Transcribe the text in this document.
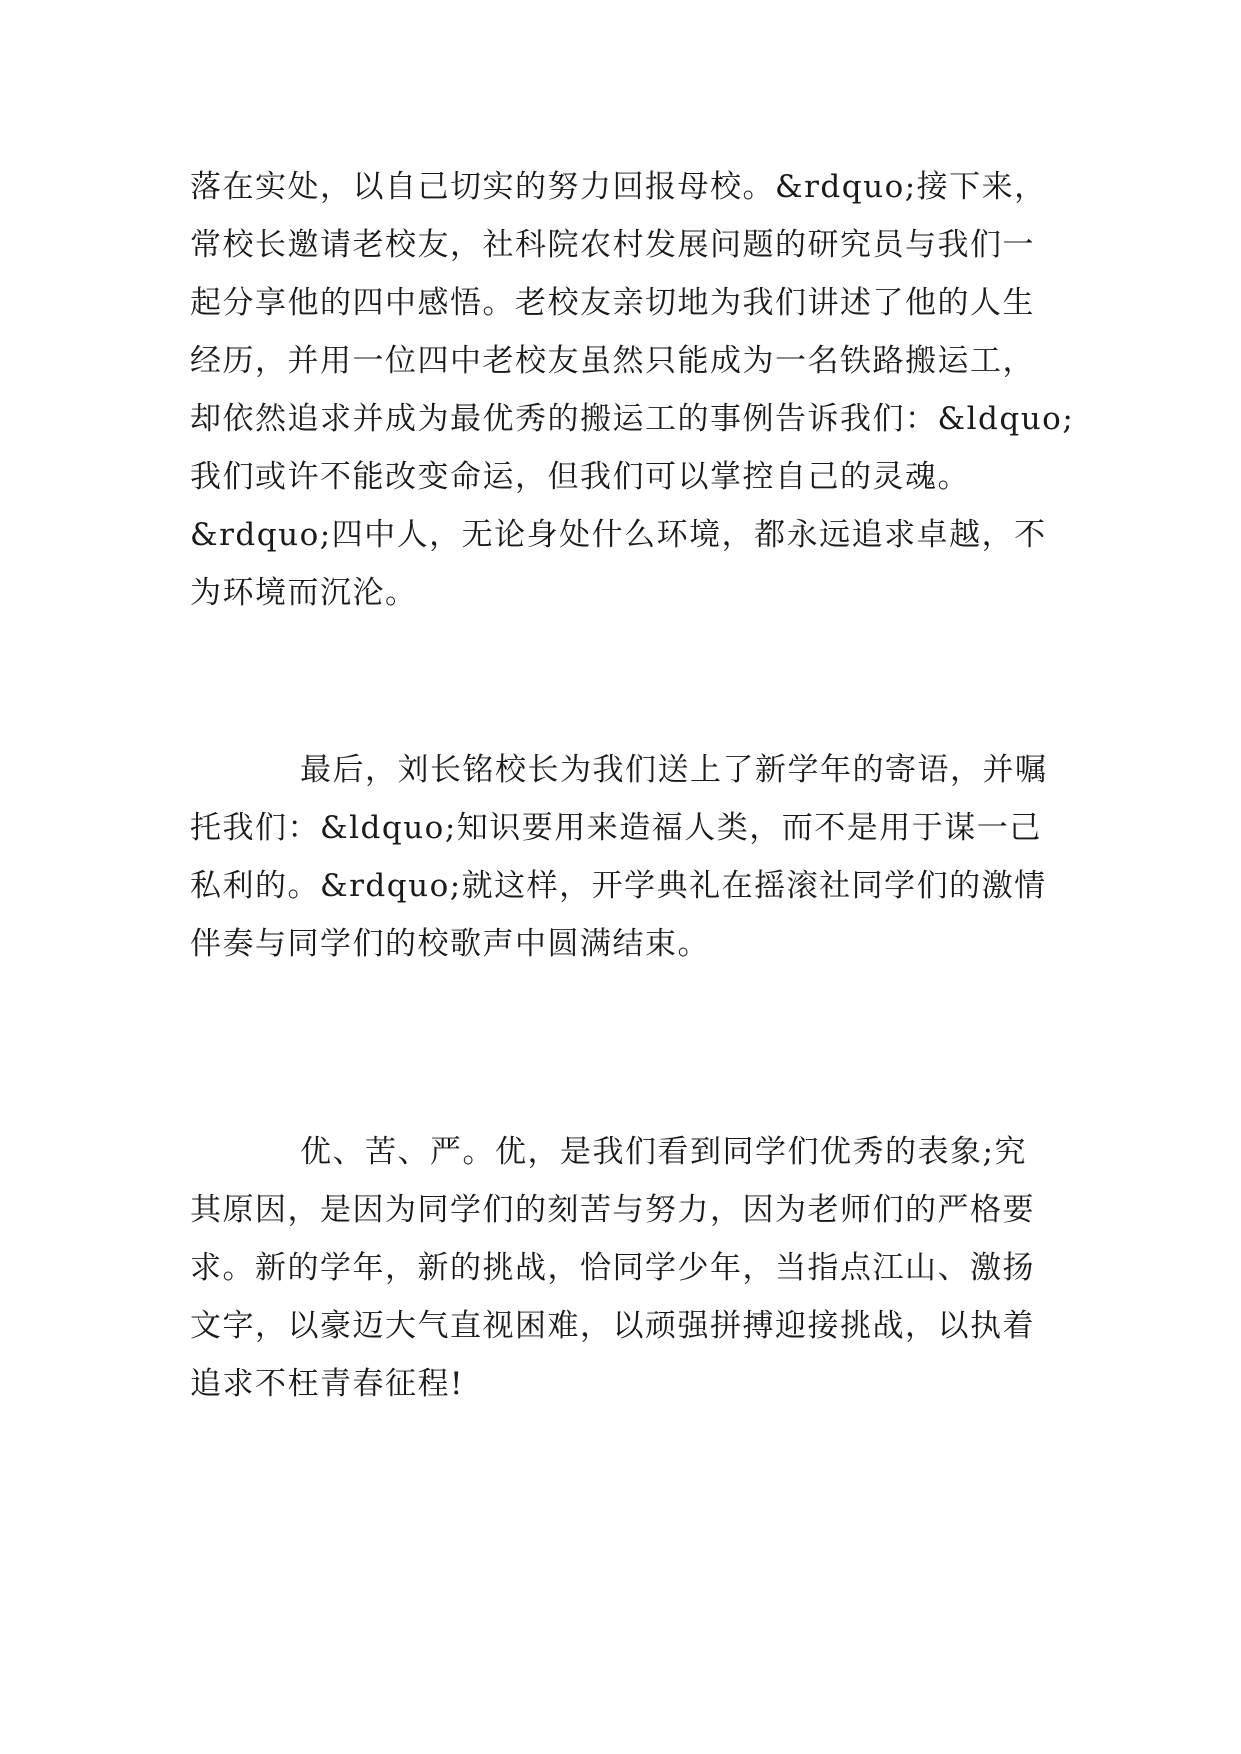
落在实处，以自己切实的努力回报母校。&rdquo;接下来，
常校长邀请老校友，社科院农村发展问题的研究员与我们一
起分享他的四中感悟。老校友亲切地为我们讲述了他的人生
经历，并用一位四中老校友虽然只能成为一名铁路搬运工，
却依然追求并成为最优秀的搬运工的事例告诉我们：&ldquo;
我们或许不能改变命运，但我们可以掌控自己的灵魂。
&rdquo;四中人，无论身处什么环境，都永远追求卓越，不
为环境而沉沦。

最后，刘长铭校长为我们送上了新学年的寄语，并嘱
托我们：&ldquo;知识要用来造福人类，而不是用于谋一己
私利的。&rdquo;就这样，开学典礼在摇滚社同学们的激情
伴奏与同学们的校歌声中圆满结束。

优、苦、严。优，是我们看到同学们优秀的表象;究
其原因，是因为同学们的刻苦与努力，因为老师们的严格要
求。新的学年，新的挑战，恰同学少年，当指点江山、激扬
文字，以豪迈大气直视困难，以顽强拼搏迎接挑战，以执着
追求不枉青春征程!
